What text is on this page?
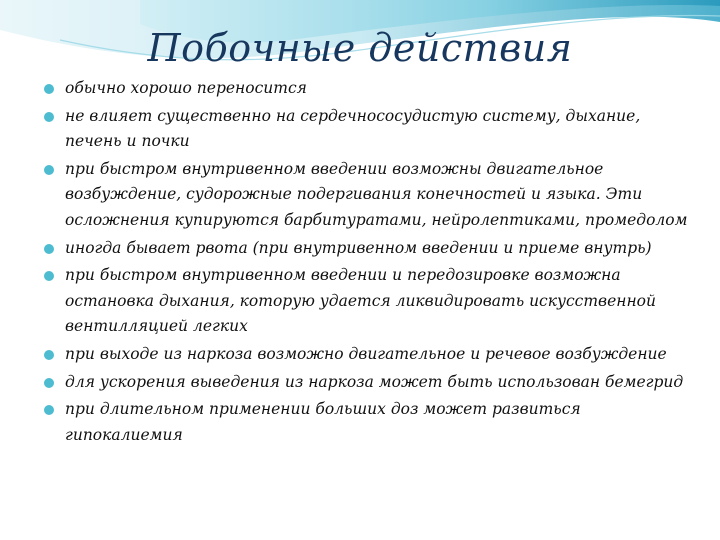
Побочные действия
обычно хорошо переносится
не влияет существенно на сердечнососудистую систему, дыхание, печень и почки
при быстром внутривенном введении возможны двигательное возбуждение, судорожные подергивания конечностей и языка. Эти осложнения купируются барбитуратами, нейролептиками, промедолом
иногда бывает рвота (при внутривенном введении и приеме внутрь)
при быстром внутривенном введении и передозировке возможна остановка дыхания, которую удается ликвидировать искусственной вентилляцией легких
при выходе из наркоза возможно двигательное и речевое возбуждение
для ускорения выведения из наркоза может быть использован бемегрид
при длительном применении больших доз может развиться гипокалиемия
